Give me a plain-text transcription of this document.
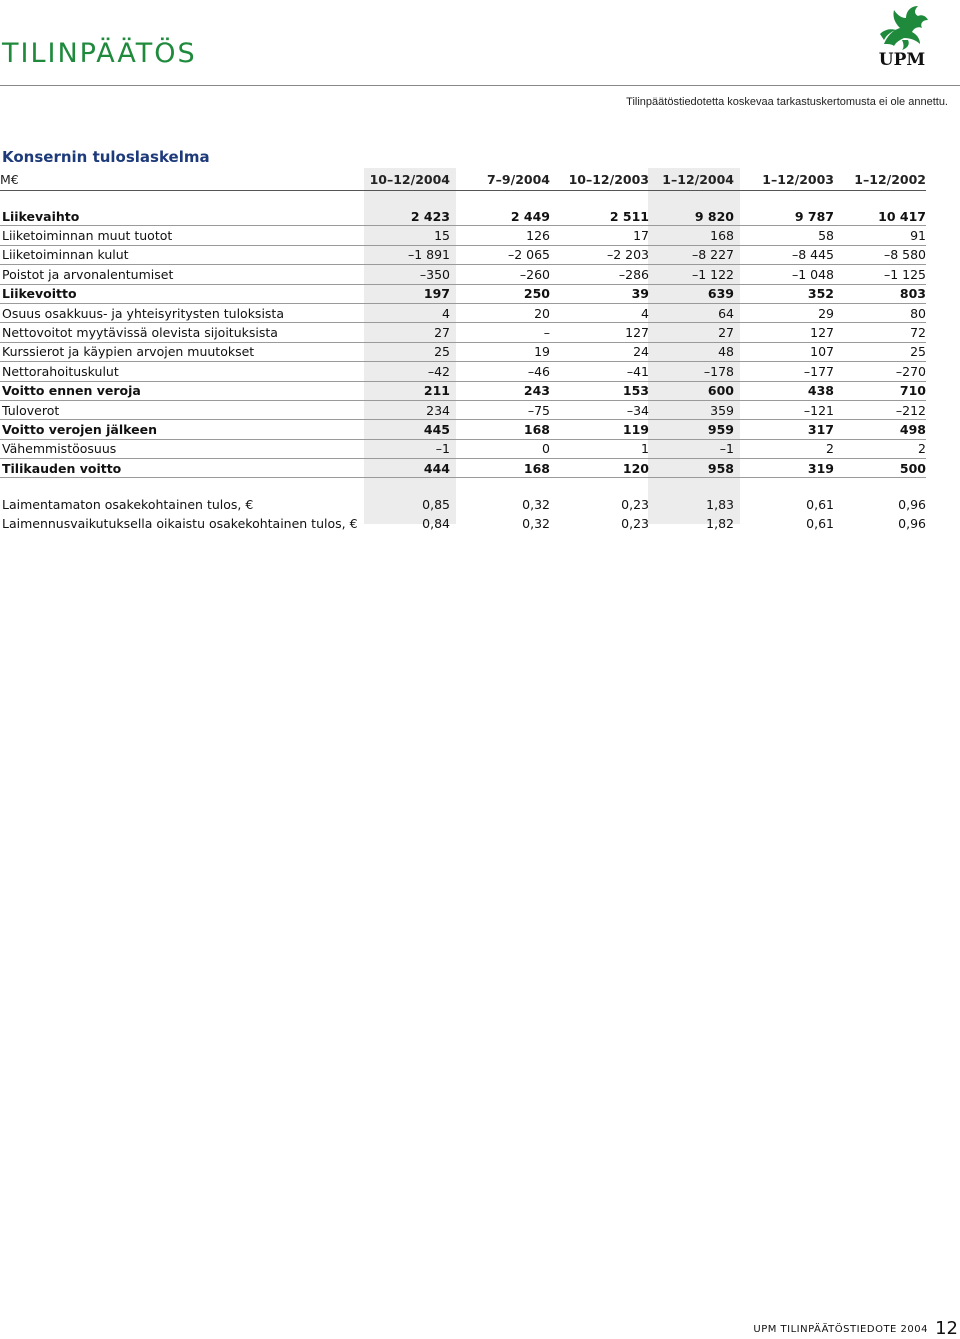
TILINPÄÄTÖS	UPM
Tilinpäätöstiedotetta koskevaa tarkastuskertomusta ei ole annettu.
Konsernin tuloslaskelma
M€	10–12/2004	7–9/2004	10–12/2003	1–12/2004	1–12/2003	1–12/2002

Liikevaihto	2 423	2 449	2 511	9 820	9 787	10 417
Liiketoiminnan muut tuotot	15	126	17	168	58	91
Liiketoiminnan kulut	–1 891	–2 065	–2 203	–8 227	–8 445	–8 580
Poistot ja arvonalentumiset	–350	–260	–286	–1 122	–1 048	–1 125
Liikevoitto	197	250	39	639	352	803
Osuus osakkuus- ja yhteisyritysten tuloksista	4	20	4	64	29	80
Nettovoitot myytävissä olevista sijoituksista	27	–	127	27	127	72
Kurssierot ja käypien arvojen muutokset	25	19	24	48	107	25
Nettorahoituskulut	–42	–46	–41	–178	–177	–270
Voitto ennen veroja	211	243	153	600	438	710
Tuloverot	234	–75	–34	359	–121	–212
Voitto verojen jälkeen	445	168	119	959	317	498
Vähemmistöosuus	–1	0	1	–1	2	2
Tilikauden voitto	444	168	120	958	319	500

Laimentamaton osakekohtainen tulos, €	0,85	0,32	0,23	1,83	0,61	0,96
Laimennusvaikutuksella oikaistu osakekohtainen tulos, €	0,84	0,32	0,23	1,82	0,61	0,96
UPM TILINPÄÄTÖSTIEDOTE 2004 12
